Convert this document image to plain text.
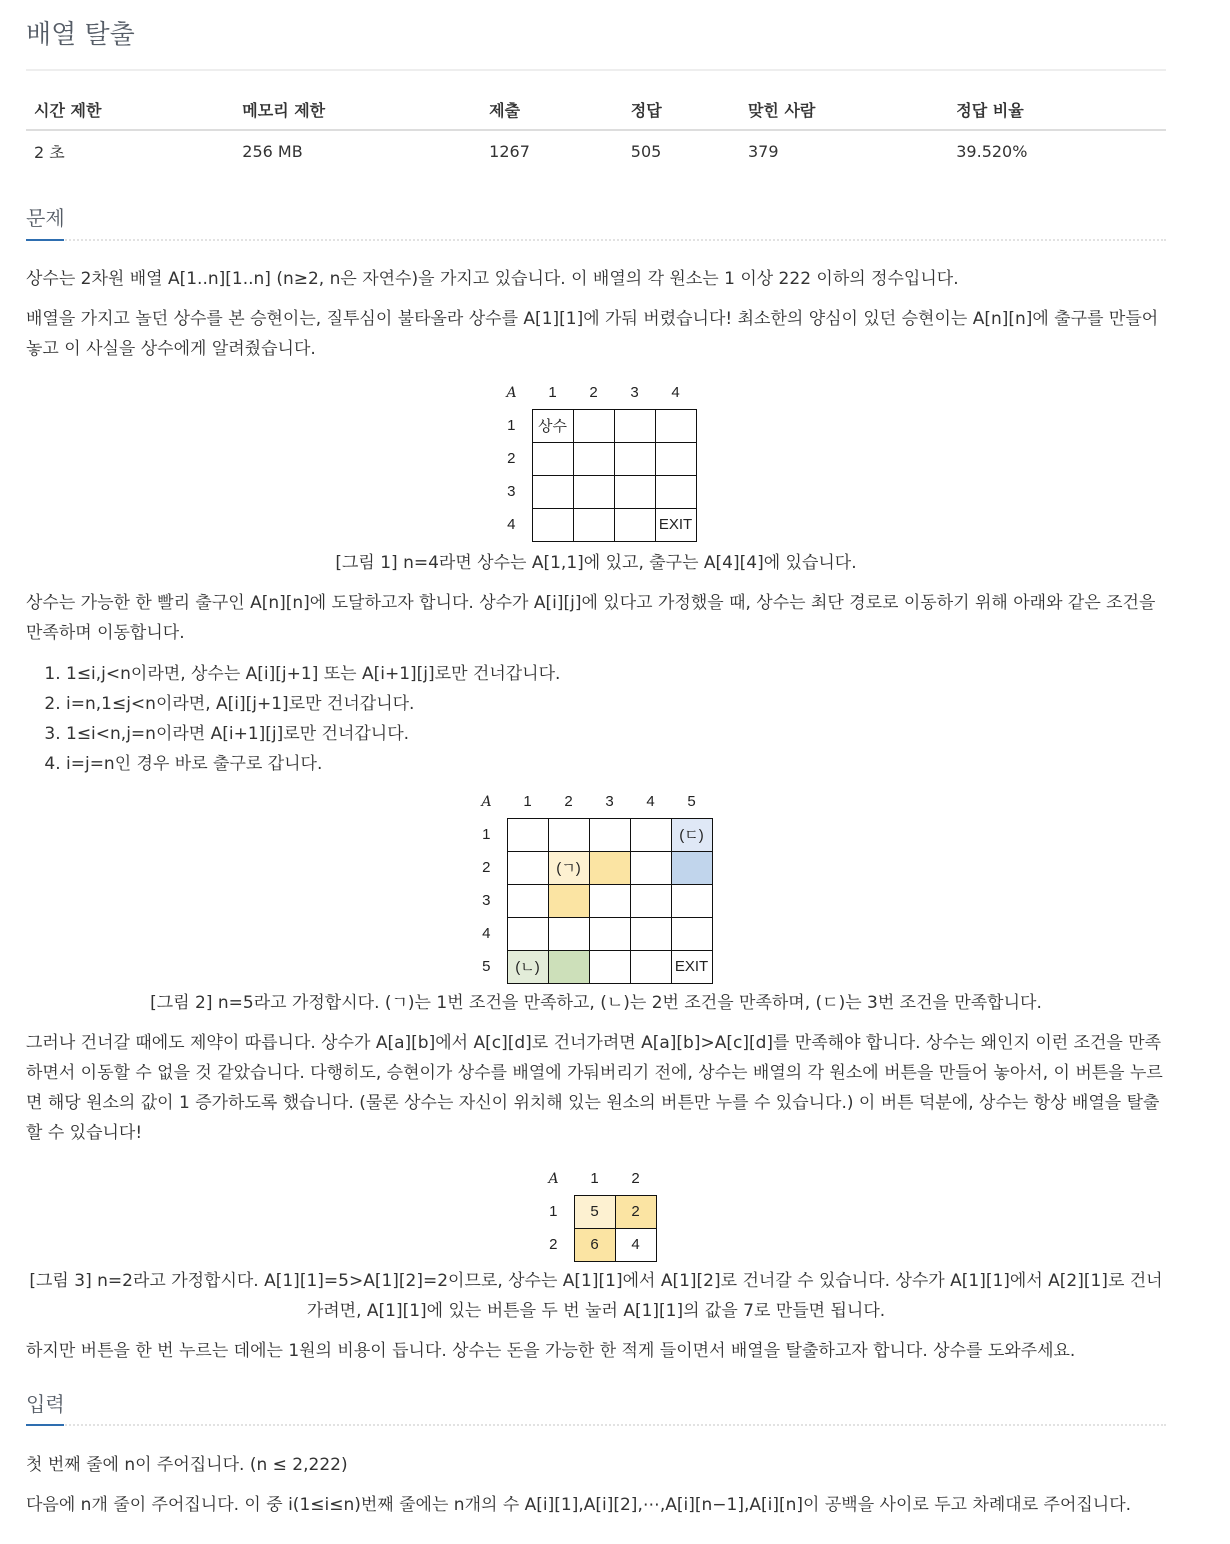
배열 탈출
시간 제한	메모리 제한	제출	정답	맞힌 사람	정답 비율
2 초	256 MB	1267	505	379	39.520%
문제
상수는 2차원 배열 A[1..n][1..n] (n≥2, n은 자연수)을 가지고 있습니다. 이 배열의 각 원소는 1 이상 222 이하의 정수입니다.
배열을 가지고 놀던 상수를 본 승현이는, 질투심이 불타올라 상수를 A[1][1]에 가둬 버렸습니다! 최소한의 양심이 있던 승현이는 A[n][n]에 출구를 만들어 놓고 이 사실을 상수에게 알려줬습니다.
A	1	2	3	4
1	상수			
2				
3				
4				EXIT
[그림 1] n=4라면 상수는 A[1,1]에 있고, 출구는 A[4][4]에 있습니다.
상수는 가능한 한 빨리 출구인 A[n][n]에 도달하고자 합니다. 상수가 A[i][j]에 있다고 가정했을 때, 상수는 최단 경로로 이동하기 위해 아래와 같은 조건을 만족하며 이동합니다.
1. 1≤i,j<n이라면, 상수는 A[i][j+1] 또는 A[i+1][j]로만 건너갑니다.
2. i=n,1≤j<n이라면, A[i][j+1]로만 건너갑니다.
3. 1≤i<n,j=n이라면 A[i+1][j]로만 건너갑니다.
4. i=j=n인 경우 바로 출구로 갑니다.
A	1	2	3	4	5
1					(ㄷ)
2		(ㄱ)			
3					
4					
5	(ㄴ)				EXIT
[그림 2] n=5라고 가정합시다. (ㄱ)는 1번 조건을 만족하고, (ㄴ)는 2번 조건을 만족하며, (ㄷ)는 3번 조건을 만족합니다.
그러나 건너갈 때에도 제약이 따릅니다. 상수가 A[a][b]에서 A[c][d]로 건너가려면 A[a][b]>A[c][d]를 만족해야 합니다. 상수는 왜인지 이런 조건을 만족하면서 이동할 수 없을 것 같았습니다. 다행히도, 승현이가 상수를 배열에 가둬버리기 전에, 상수는 배열의 각 원소에 버튼을 만들어 놓아서, 이 버튼을 누르면 해당 원소의 값이 1 증가하도록 했습니다. (물론 상수는 자신이 위치해 있는 원소의 버튼만 누를 수 있습니다.) 이 버튼 덕분에, 상수는 항상 배열을 탈출할 수 있습니다!
A	1	2
1	5	2
2	6	4
[그림 3] n=2라고 가정합시다. A[1][1]=5>A[1][2]=2이므로, 상수는 A[1][1]에서 A[1][2]로 건너갈 수 있습니다. 상수가 A[1][1]에서 A[2][1]로 건너가려면, A[1][1]에 있는 버튼을 두 번 눌러 A[1][1]의 값을 7로 만들면 됩니다.
하지만 버튼을 한 번 누르는 데에는 1원의 비용이 듭니다. 상수는 돈을 가능한 한 적게 들이면서 배열을 탈출하고자 합니다. 상수를 도와주세요.
입력
첫 번째 줄에 n이 주어집니다. (n ≤ 2,222)
다음에 n개 줄이 주어집니다. 이 중 i(1≤i≤n)번째 줄에는 n개의 수 A[i][1],A[i][2],⋯,A[i][n−1],A[i][n]이 공백을 사이로 두고 차례대로 주어집니다.
